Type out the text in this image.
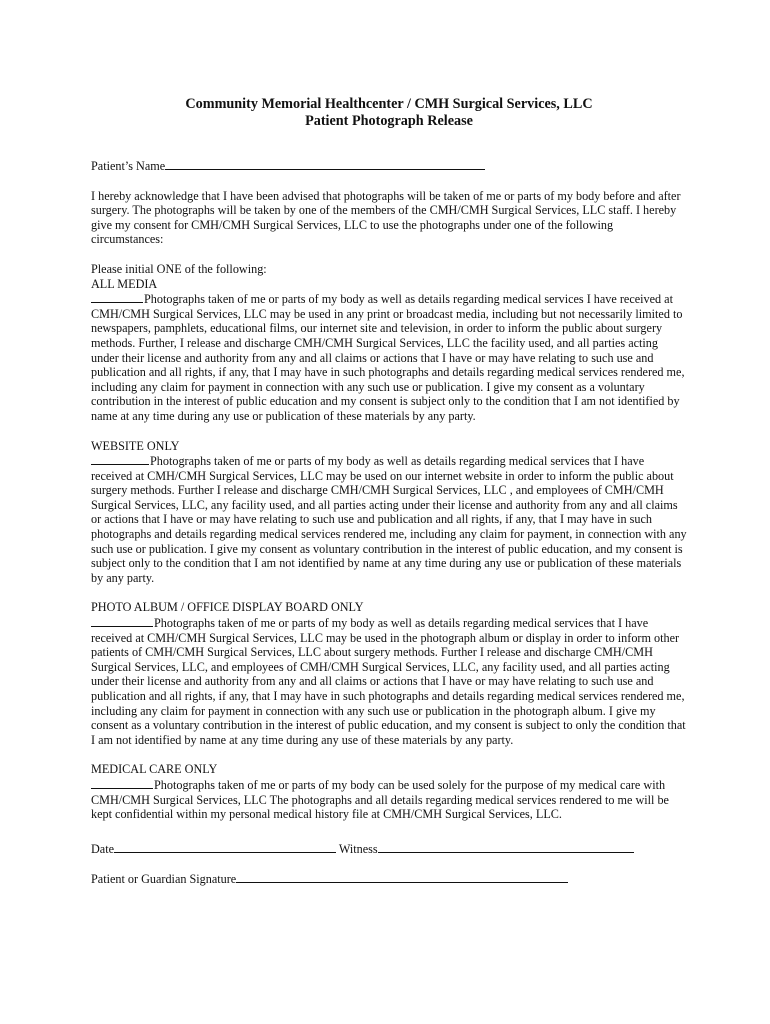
Community Memorial Healthcenter / CMH Surgical Services, LLC

Patient Photograph Release

Patient’s Name

I hereby acknowledge that I have been advised that photographs will be taken of me or parts of my body before and after surgery. The photographs will be taken by one of the members of the CMH/CMH Surgical Services, LLC staff. I hereby give my consent for CMH/CMH Surgical Services, LLC to use the photographs under one of the following circumstances:

Please initial ONE of the following:

ALL MEDIA

Photographs taken of me or parts of my body as well as details regarding medical services I have received at CMH/CMH Surgical Services, LLC may be used in any print or broadcast media, including but not necessarily limited to newspapers, pamphlets, educational films, our internet site and television, in order to inform the public about surgery methods. Further, I release and discharge CMH/CMH Surgical Services, LLC the facility used, and all parties acting under their license and authority from any and all claims or actions that I have or may have relating to such use and publication and all rights, if any, that I may have in such photographs and details regarding medical services rendered me, including any claim for payment in connection with any such use or publication. I give my consent as a voluntary contribution in the interest of public education and my consent is subject only to the condition that I am not identified by name at any time during any use or publication of these materials by any party.

WEBSITE ONLY

Photographs taken of me or parts of my body as well as details regarding medical services that I have received at CMH/CMH Surgical Services, LLC may be used on our internet website in order to inform the public about surgery methods. Further I release and discharge CMH/CMH Surgical Services, LLC , and employees of CMH/CMH Surgical Services, LLC, any facility used, and all parties acting under their license and authority from any and all claims or actions that I have or may have relating to such use and publication and all rights, if any, that I may have in such photographs and details regarding medical services rendered me, including any claim for payment, in connection with any such use or publication. I give my consent as voluntary contribution in the interest of public education, and my consent is subject only to the condition that I am not identified by name at any time during any use or publication of these materials by any party.

PHOTO ALBUM / OFFICE DISPLAY BOARD ONLY

Photographs taken of me or parts of my body as well as details regarding medical services that I have received at CMH/CMH Surgical Services, LLC may be used in the photograph album or display in order to inform other patients of CMH/CMH Surgical Services, LLC about surgery methods. Further I release and discharge CMH/CMH Surgical Services, LLC, and employees of CMH/CMH Surgical Services, LLC, any facility used, and all parties acting under their license and authority from any and all claims or actions that I have or may have relating to such use and publication and all rights, if any, that I may have in such photographs and details regarding medical services rendered me, including any claim for payment in connection with any such use or publication in the photograph album. I give my consent as a voluntary contribution in the interest of public education, and my consent is subject to only the condition that I am not identified by name at any time during any use of these materials by any party.

MEDICAL CARE ONLY

Photographs taken of me or parts of my body can be used solely for the purpose of my medical care with CMH/CMH Surgical Services, LLC The photographs and all details regarding medical services rendered to me will be kept confidential within my personal medical history file at CMH/CMH Surgical Services, LLC.

Date	Witness

Patient or Guardian Signature
